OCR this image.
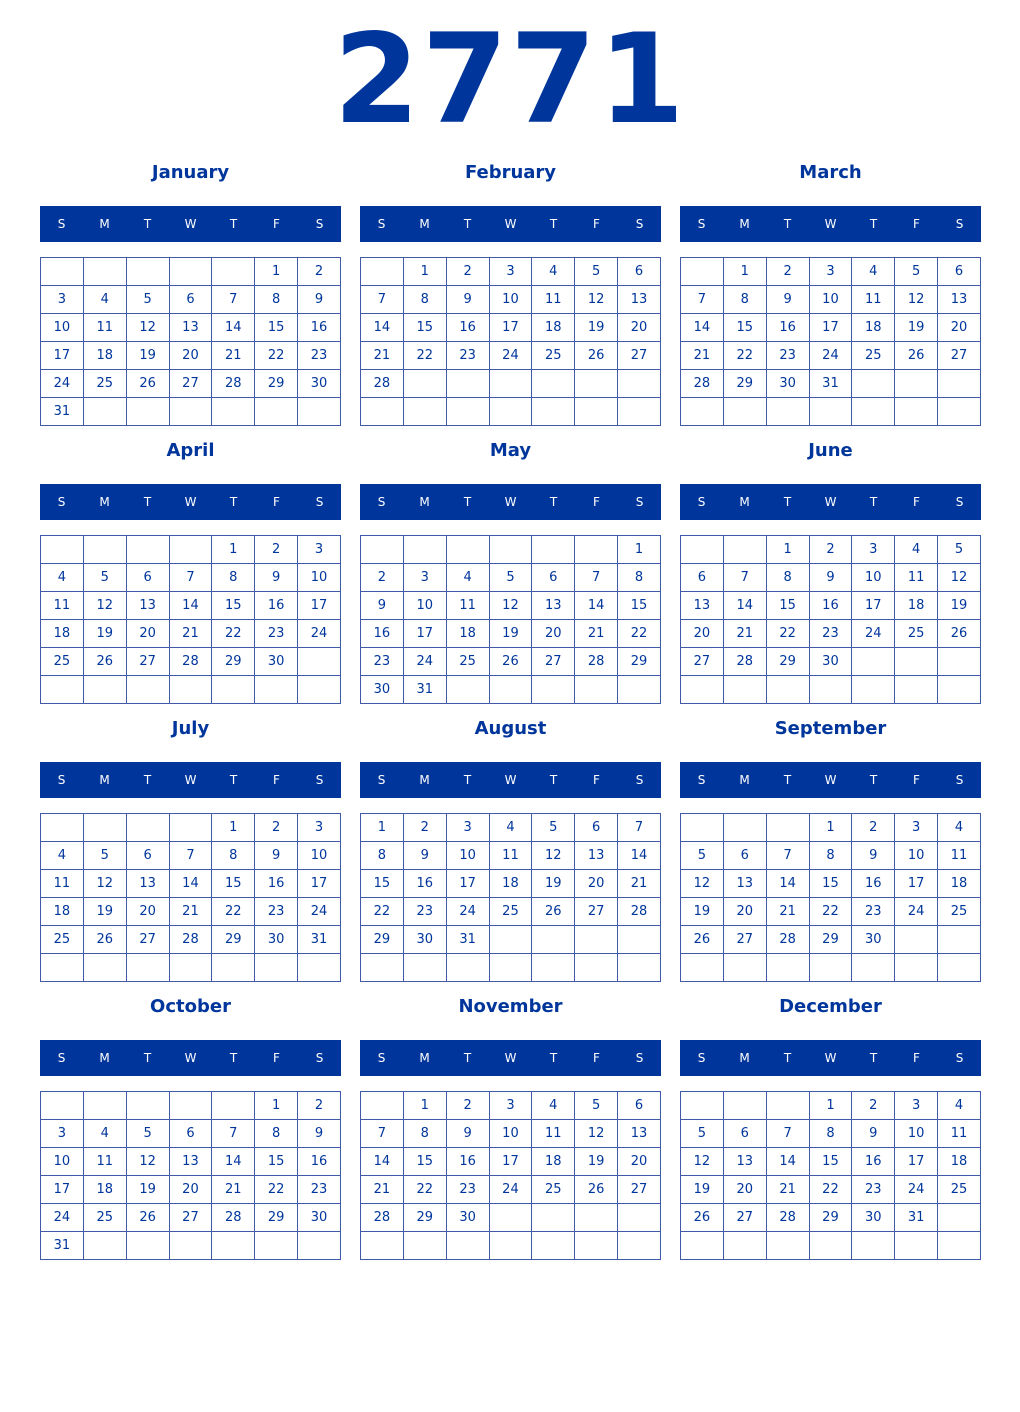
2771
January
S	M	T	W	T	F	S
					1	2
3	4	5	6	7	8	9
10	11	12	13	14	15	16
17	18	19	20	21	22	23
24	25	26	27	28	29	30
31						
February
S	M	T	W	T	F	S
	1	2	3	4	5	6
7	8	9	10	11	12	13
14	15	16	17	18	19	20
21	22	23	24	25	26	27
28						

March
S	M	T	W	T	F	S
	1	2	3	4	5	6
7	8	9	10	11	12	13
14	15	16	17	18	19	20
21	22	23	24	25	26	27
28	29	30	31			

April
S	M	T	W	T	F	S
				1	2	3
4	5	6	7	8	9	10
11	12	13	14	15	16	17
18	19	20	21	22	23	24
25	26	27	28	29	30	

May
S	M	T	W	T	F	S
						1
2	3	4	5	6	7	8
9	10	11	12	13	14	15
16	17	18	19	20	21	22
23	24	25	26	27	28	29
30	31					
June
S	M	T	W	T	F	S
		1	2	3	4	5
6	7	8	9	10	11	12
13	14	15	16	17	18	19
20	21	22	23	24	25	26
27	28	29	30			

July
S	M	T	W	T	F	S
				1	2	3
4	5	6	7	8	9	10
11	12	13	14	15	16	17
18	19	20	21	22	23	24
25	26	27	28	29	30	31

August
S	M	T	W	T	F	S
1	2	3	4	5	6	7
8	9	10	11	12	13	14
15	16	17	18	19	20	21
22	23	24	25	26	27	28
29	30	31				

September
S	M	T	W	T	F	S
			1	2	3	4
5	6	7	8	9	10	11
12	13	14	15	16	17	18
19	20	21	22	23	24	25
26	27	28	29	30		

October
S	M	T	W	T	F	S
					1	2
3	4	5	6	7	8	9
10	11	12	13	14	15	16
17	18	19	20	21	22	23
24	25	26	27	28	29	30
31						
November
S	M	T	W	T	F	S
	1	2	3	4	5	6
7	8	9	10	11	12	13
14	15	16	17	18	19	20
21	22	23	24	25	26	27
28	29	30				

December
S	M	T	W	T	F	S
			1	2	3	4
5	6	7	8	9	10	11
12	13	14	15	16	17	18
19	20	21	22	23	24	25
26	27	28	29	30	31	
